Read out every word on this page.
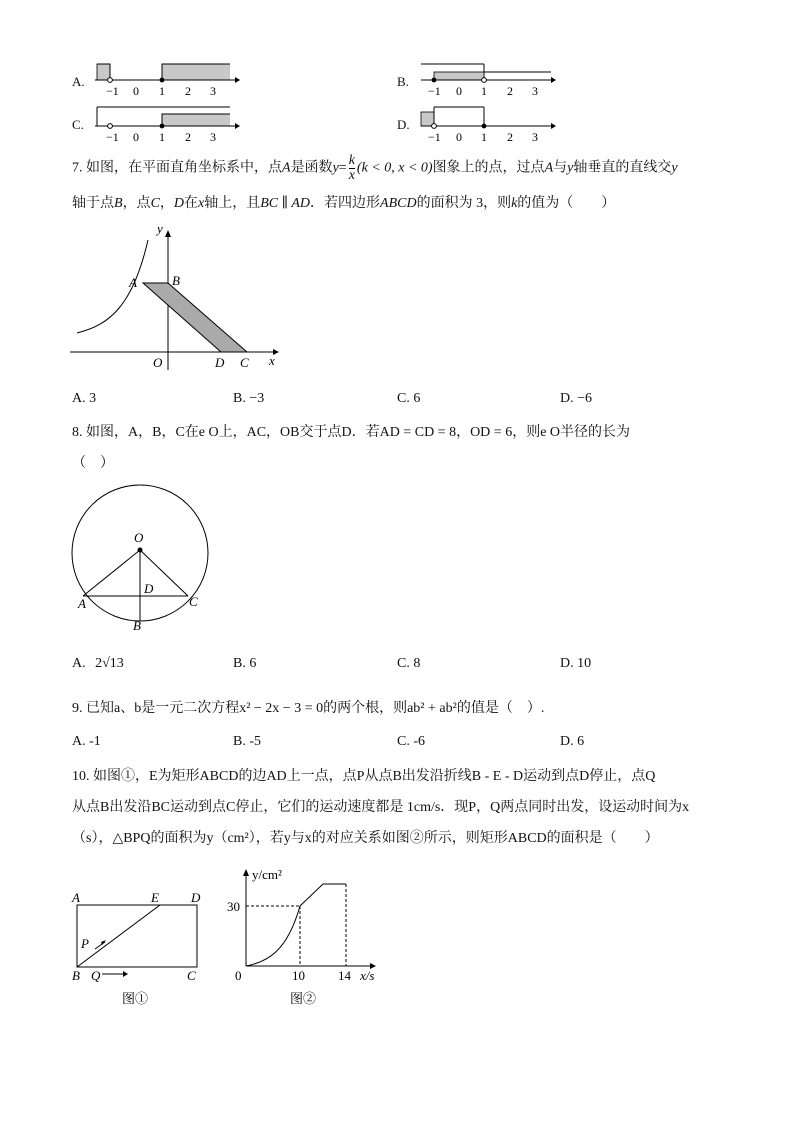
A.
−1 0 1 2 3
B.
−1 0 1 2 3
C.
−1 0 1 2 3
D.
−1 0 1 2 3
7. 如图，在平面直角坐标系中，点A是函数$y= \frac{k}{x} (k < 0$, x < 0)图象上的点，过点A与y轴垂直的直线交y
轴于点B，点C，D在x轴上，且BC ∥ AD．若四边形ABCD的面积为 3，则k的值为（　　）
y
x
A	B
O	D C
A. 3	B. −3	C. 6	D. −6
8. 如图，A，B，C在e O上，AC，OB交于点D．若AD = CD = 8，OD = 6，则e O半径的长为
（　）
O
D
A
B
C
A. 2√13	B. 6	C. 8	D. 10
9. 已知a、b是一元二次方程x² − 2x − 3 = 0的两个根，则ab² + ab²的值是（　）.
A. -1	B. -5	C. -6	D. 6
10. 如图①，E为矩形ABCD的边AD上一点，点P从点B出发沿折线B - E - D运动到点D停止，点Q
从点B出发沿BC运动到点C停止，它们的运动速度都是 1cm/s．现P，Q两点同时出发，设运动时间为x
（s），△BPQ的面积为y（cm²），若y与x的对应关系如图②所示，则矩形ABCD的面积是（　　）
A	E D
P
B Q	C
图①
y/cm²
30
0	10	14 x/s
图②
